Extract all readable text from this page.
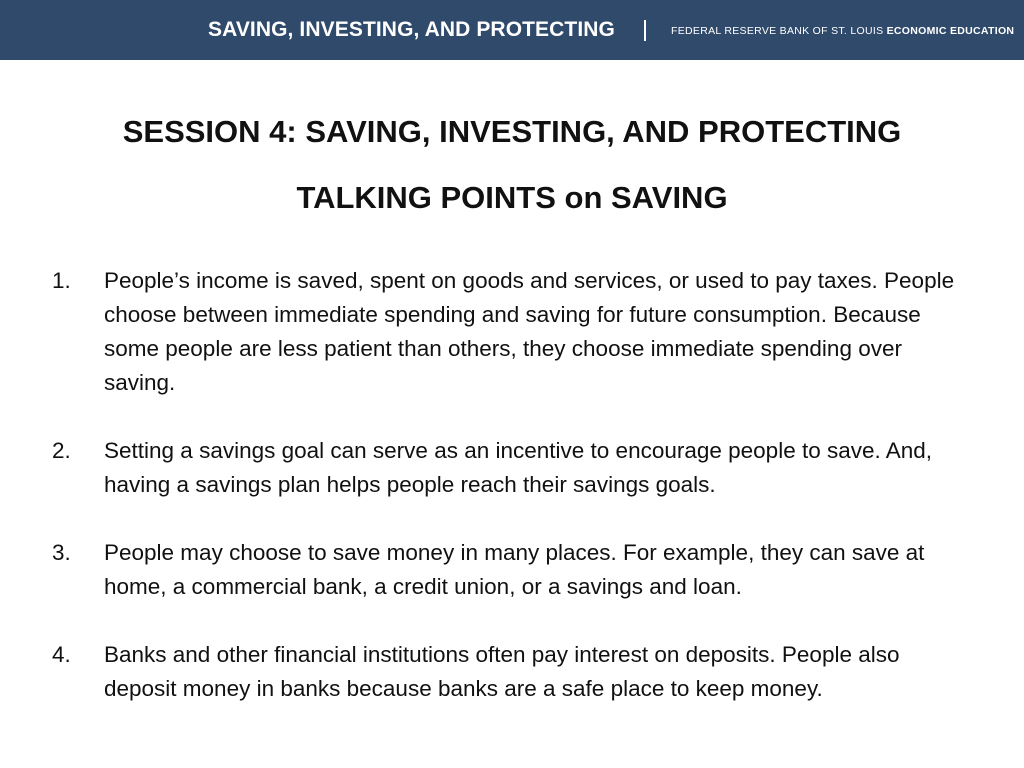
SAVING, INVESTING, AND PROTECTING	FEDERAL RESERVE BANK OF ST. LOUIS ECONOMIC EDUCATION
SESSION 4: SAVING, INVESTING, AND PROTECTING
TALKING POINTS on SAVING
1. People’s income is saved, spent on goods and services, or used to pay taxes. People choose between immediate spending and saving for future consumption. Because some people are less patient than others, they choose immediate spending over saving.
2. Setting a savings goal can serve as an incentive to encourage people to save. And, having a savings plan helps people reach their savings goals.
3. People may choose to save money in many places. For example, they can save at home, a commercial bank, a credit union, or a savings and loan.
4. Banks and other financial institutions often pay interest on deposits. People also deposit money in banks because banks are a safe place to keep money.
